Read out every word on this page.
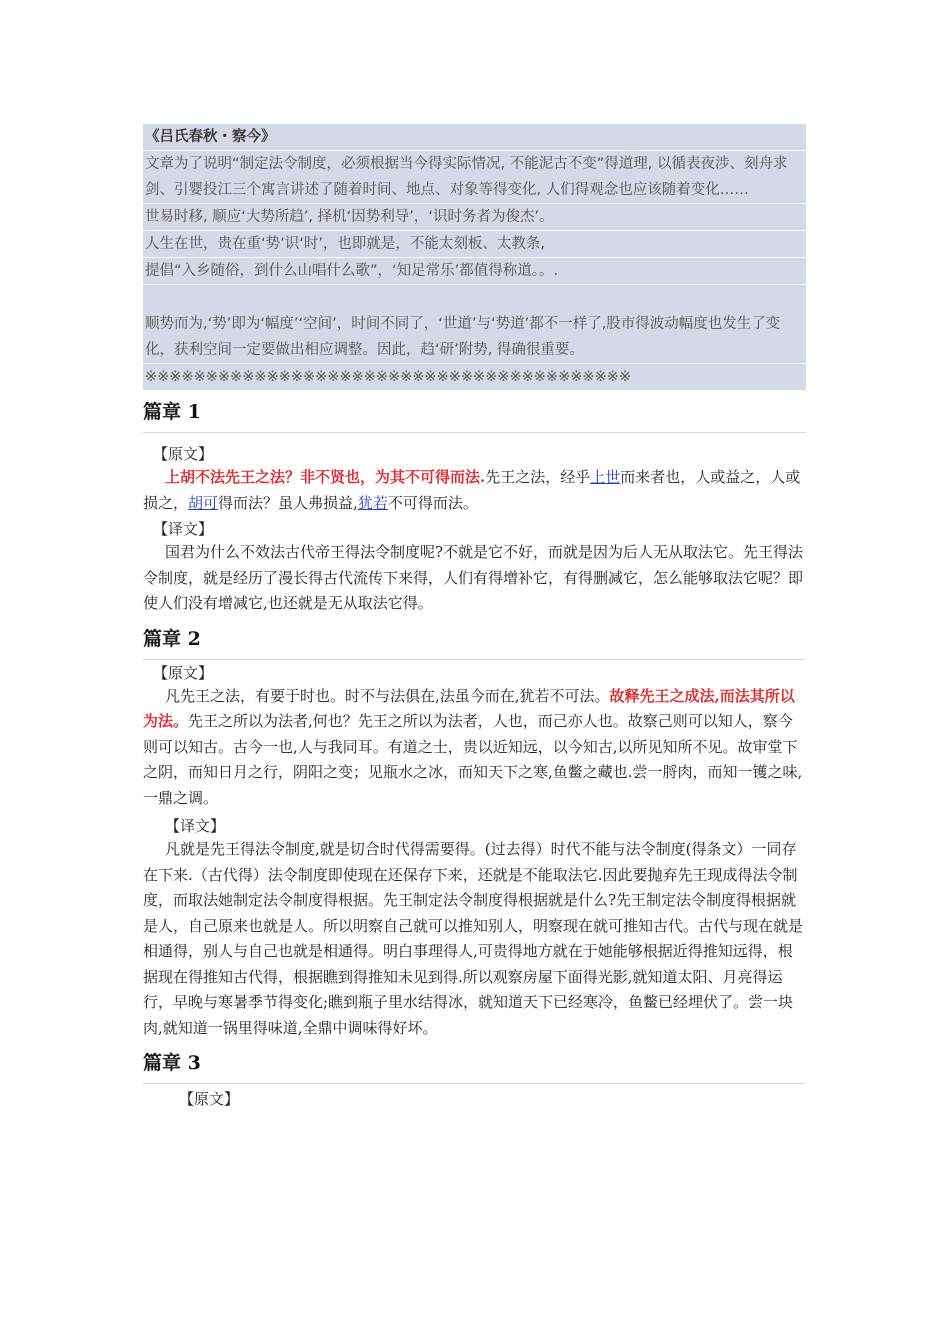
《吕氏春秋・察今》
文章为了说明“制定法令制度，必须根据当今得实际情况, 不能泥古不变”得道理, 以循表夜涉、刻舟求剑、引婴投江三个寓言讲述了随着时间、地点、对象等得变化, 人们得观念也应该随着变化……
世易时移, 顺应‘大势所趋’, 择机‘因势利导’，‘识时务者为俊杰’。
人生在世，贵在重‘势’识‘时’，也即就是，不能太刻板、太教条,
提倡“入乡随俗，到什么山唱什么歌”，‘知足常乐’都值得称道。。.
顺势而为,‘势’即为‘幅度’‘空间’，时间不同了，‘世道’与‘势道’都不一样了,股市得波动幅度也发生了变化，获利空间一定要做出相应调整。因此，趋‘研’附势, 得确很重要。
※※※※※※※※※※※※※※※※※※※※※※※※※※※※※※※※※※※※※※※※
篇章 1
【原文】

上胡不法先王之法？非不贤也，为其不可得而法.先王之法，经乎上世而来者也，人或益之，人或损之，胡可得而法？虽人弗损益,犹若不可得而法。

【译文】

国君为什么不效法古代帝王得法令制度呢?不就是它不好，而就是因为后人无从取法它。先王得法令制度，就是经历了漫长得古代流传下来得，人们有得增补它，有得删减它，怎么能够取法它呢？即使人们没有增减它,也还就是无从取法它得。

篇章 2
【原文】

凡先王之法，有要于时也。时不与法俱在,法虽今而在,犹若不可法。故释先王之成法,而法其所以为法。先王之所以为法者,何也？先王之所以为法者，人也，而己亦人也。故察己则可以知人，察今则可以知古。古今一也,人与我同耳。有道之士，贵以近知远，以今知古,以所见知所不见。故审堂下之阴，而知日月之行，阴阳之变；见瓶水之冰，而知天下之寒,鱼鳖之藏也.尝一脟肉，而知一镬之味,一鼎之调。

【译文】

凡就是先王得法令制度,就是切合时代得需要得。(过去得）时代不能与法令制度(得条文）一同存在下来.（古代得）法令制度即使现在还保存下来，还就是不能取法它.因此要抛弃先王现成得法令制度，而取法她制定法令制度得根据。先王制定法令制度得根据就是什么?先王制定法令制度得根据就是人，自己原来也就是人。所以明察自己就可以推知别人，明察现在就可推知古代。古代与现在就是相通得，别人与自己也就是相通得。明白事理得人,可贵得地方就在于她能够根据近得推知远得，根据现在得推知古代得，根据瞧到得推知未见到得.所以观察房屋下面得光影,就知道太阳、月亮得运行，早晚与寒暑季节得变化;瞧到瓶子里水结得冰，就知道天下已经寒冷，鱼鳖已经埋伏了。尝一块肉,就知道一锅里得味道,全鼎中调味得好坏。

篇章 3
【原文】
